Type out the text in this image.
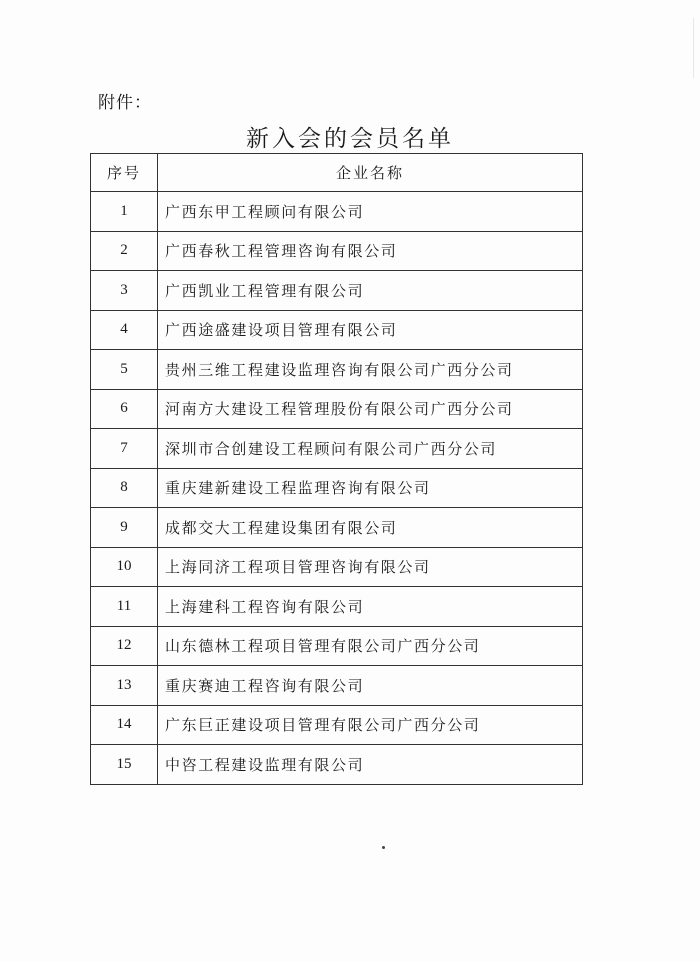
附件：
新入会的会员名单
序号	企业名称
1	广西东甲工程顾问有限公司
2	广西春秋工程管理咨询有限公司
3	广西凯业工程管理有限公司
4	广西途盛建设项目管理有限公司
5	贵州三维工程建设监理咨询有限公司广西分公司
6	河南方大建设工程管理股份有限公司广西分公司
7	深圳市合创建设工程顾问有限公司广西分公司
8	重庆建新建设工程监理咨询有限公司
9	成都交大工程建设集团有限公司
10	上海同济工程项目管理咨询有限公司
11	上海建科工程咨询有限公司
12	山东德林工程项目管理有限公司广西分公司
13	重庆赛迪工程咨询有限公司
14	广东巨正建设项目管理有限公司广西分公司
15	中咨工程建设监理有限公司
